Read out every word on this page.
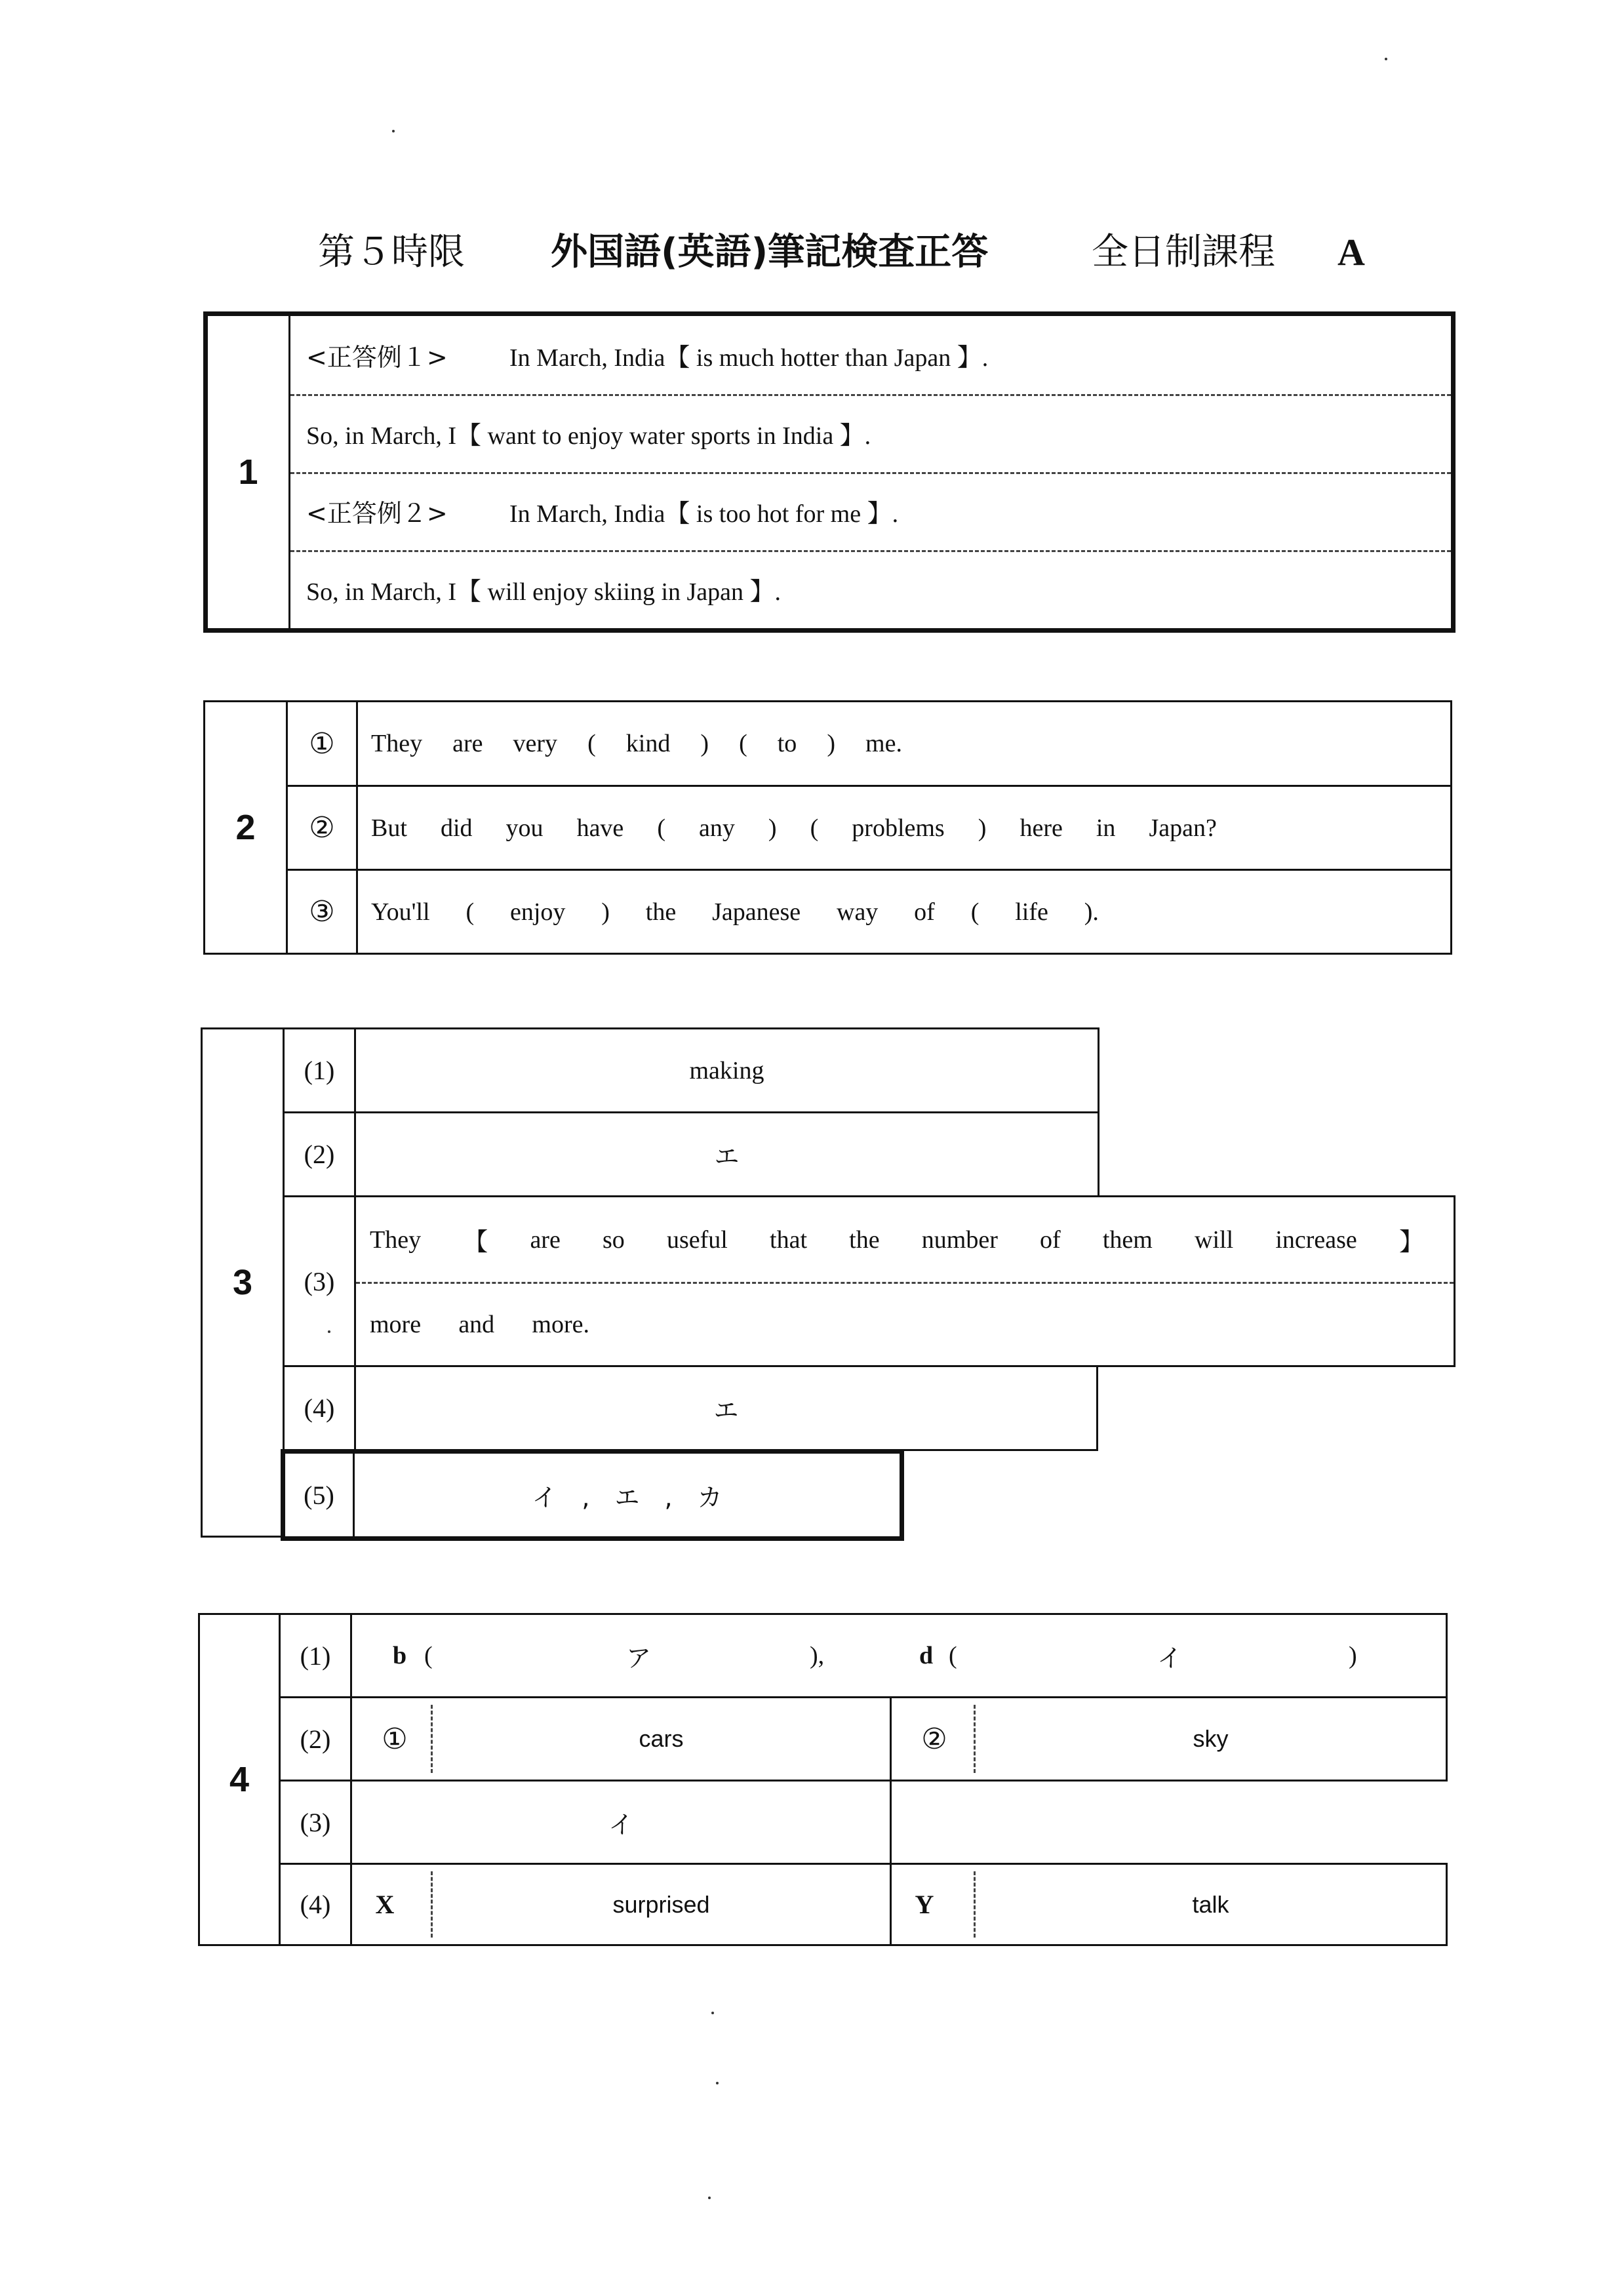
第５時限 外国語(英語)筆記検査正答	全日制課程 A
1
<正答例１>	In March, India【 is much hotter than Japan 】.
So, in March, I【 want to enjoy water sports in India 】.
<正答例２>	In March, India【 is too hot for me 】.
So, in March, I【 will enjoy skiing in Japan 】.
2
①	They are very ( kind ) ( to ) me.
②	But did you have ( any ) ( problems ) here in Japan?
③	You'll ( enjoy ) the Japanese way of ( life ).
3
(1)	making
(2)	エ
(3)
They 【 are so useful that the number of them will increase 】
more and more.
(4)	エ
(5)	イ　,　エ　,　カ
4
(1)	b (	ア	),	d (	イ	)
(2)	①	cars	②	sky
(3)	イ
(4)	X	surprised	Y	talk
